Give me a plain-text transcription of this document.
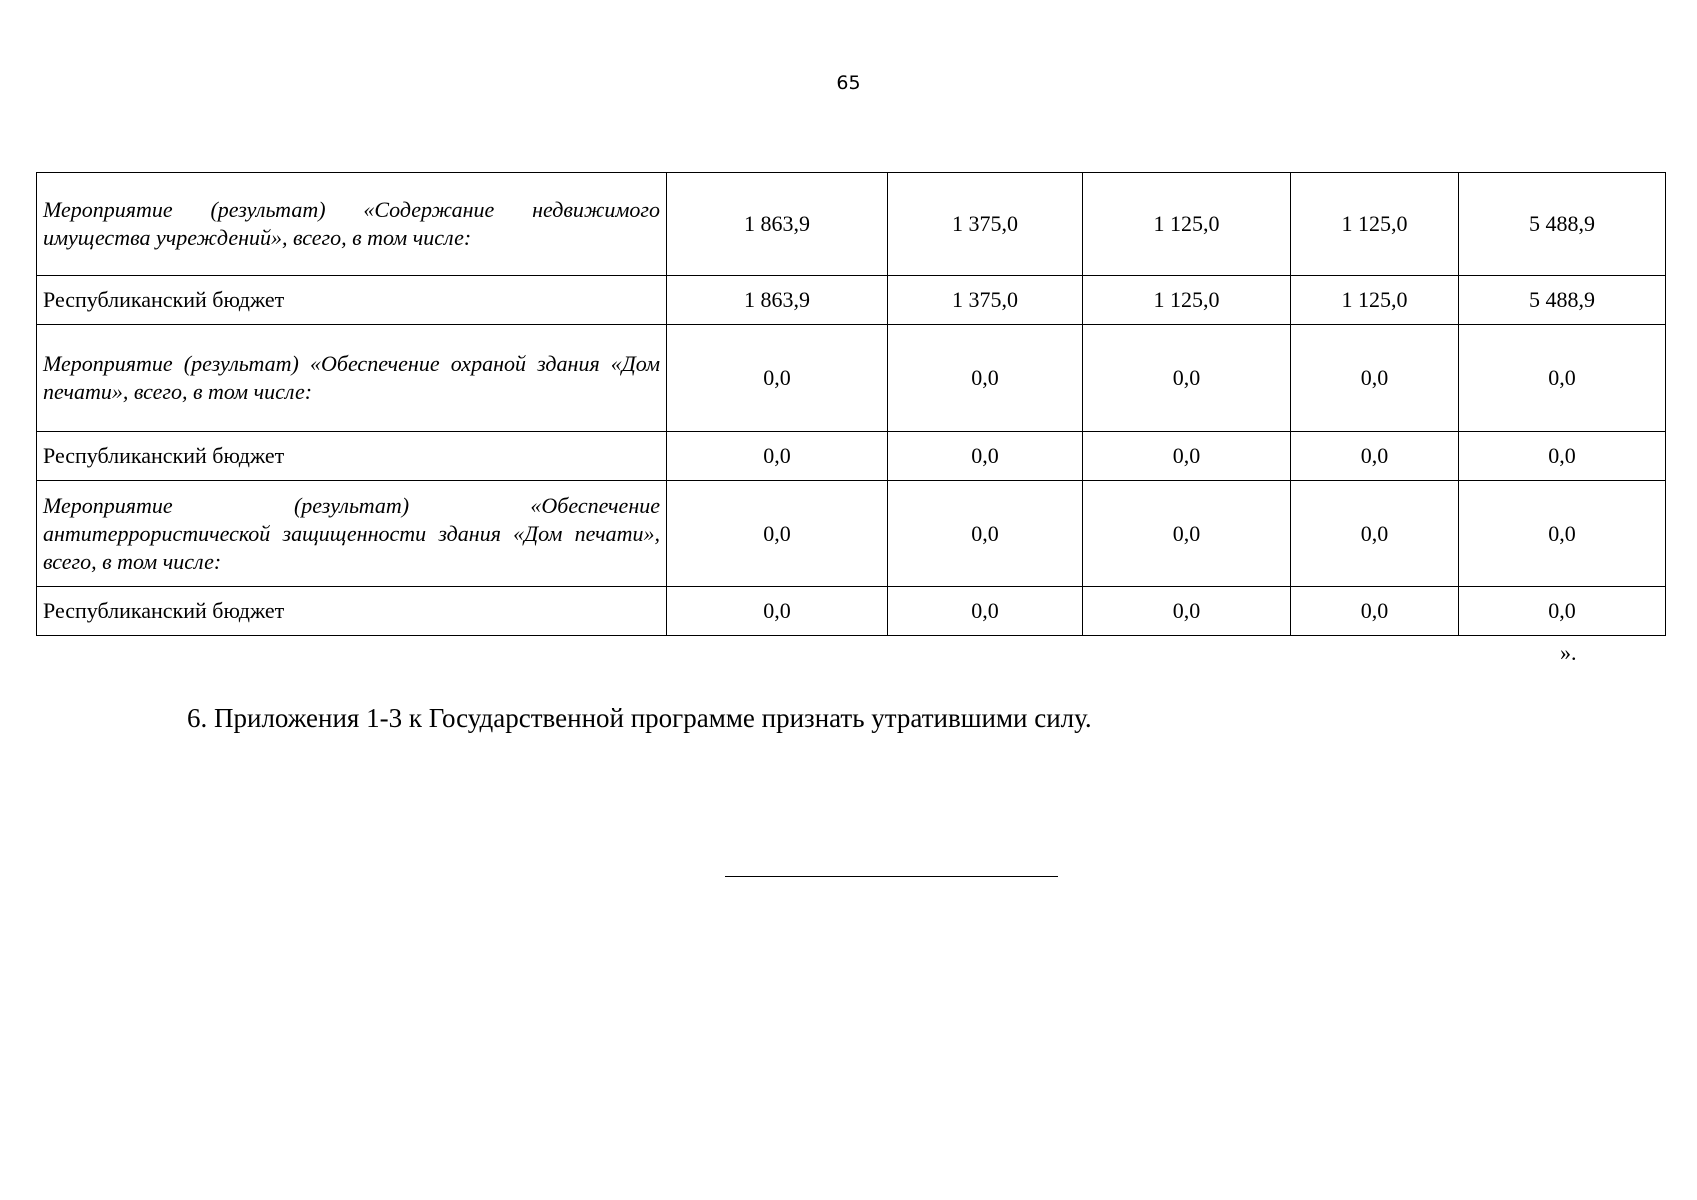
65
Мероприятие (результат) «Содержание недвижимого имущества учреждений», всего, в том числе:	1 863,9	1 375,0	1 125,0	1 125,0	5 488,9
Республиканский бюджет	1 863,9	1 375,0	1 125,0	1 125,0	5 488,9
Мероприятие (результат) «Обеспечение охраной здания «Дом печати», всего, в том числе:	0,0	0,0	0,0	0,0	0,0
Республиканский бюджет	0,0	0,0	0,0	0,0	0,0
Мероприятие (результат) «Обеспечение антитеррористической защищенности здания «Дом печати», всего, в том числе:	0,0	0,0	0,0	0,0	0,0
Республиканский бюджет	0,0	0,0	0,0	0,0	0,0
».
6. Приложения 1-3 к Государственной программе признать утратившими силу.
